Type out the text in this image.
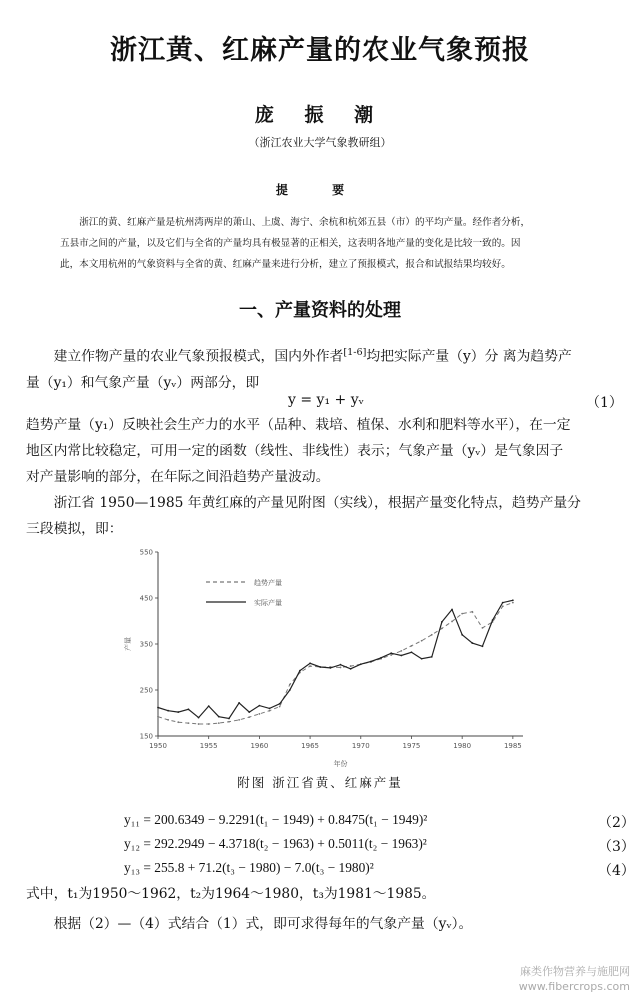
浙江黄、红麻产量的农业气象预报
庞 振 潮
（浙江农业大学气象教研组）
提 要

浙江的黄、红麻产量是杭州湾两岸的萧山、上虞、海宁、余杭和杭郊五县（市）的平均产量。经作者分析，

五县市之间的产量，以及它们与全省的产量均具有极显著的正相关，这表明各地产量的变化是比较一致的。因

此，本文用杭州的气象资料与全省的黄、红麻产量来进行分析，建立了预报模式，报合和试报结果均较好。

一、产量资料的处理

建立作物产量的农业气象预报模式，国内外作者[1-6]均把实际产量（y）分 离为趋势产

量（y₁）和气象产量（yᵥ）两部分，即

y = y₁ + yᵥ	（1）

趋势产量（y₁）反映社会生产力的水平（品种、栽培、植保、水利和肥料等水平），在一定

地区内常比较稳定，可用一定的函数（线性、非线性）表示；气象产量（yᵥ）是气象因子

对产量影响的部分，在年际之间沿趋势产量波动。

浙江省 1950—1985 年黄红麻的产量见附图（实线），根据产量变化特点，趋势产量分

三段模拟，即：

1950	1955	1960	1965	1970	1975	1980	1985
150
250
350
450
550
年份
产量
趋势产量
实际产量
附图 浙江省黄、红麻产量
y₁₁ = 200.6349 − 9.2291(t₁ − 1949) + 0.8475(t₁ − 1949)²	（2）
y₁₂ = 292.2949 − 4.3718(t₂ − 1963) + 0.5011(t₂ − 1963)²	（3）
y₁₃ = 255.8 + 71.2(t₃ − 1980) − 7.0(t₃ − 1980)²	（4）
式中，t₁为1950～1962，t₂为1964～1980，t₃为1981～1985。
根据（2）—（4）式结合（1）式，即可求得每年的气象产量（yᵥ）。
麻类作物营养与施肥网
www.fibercrops.com
